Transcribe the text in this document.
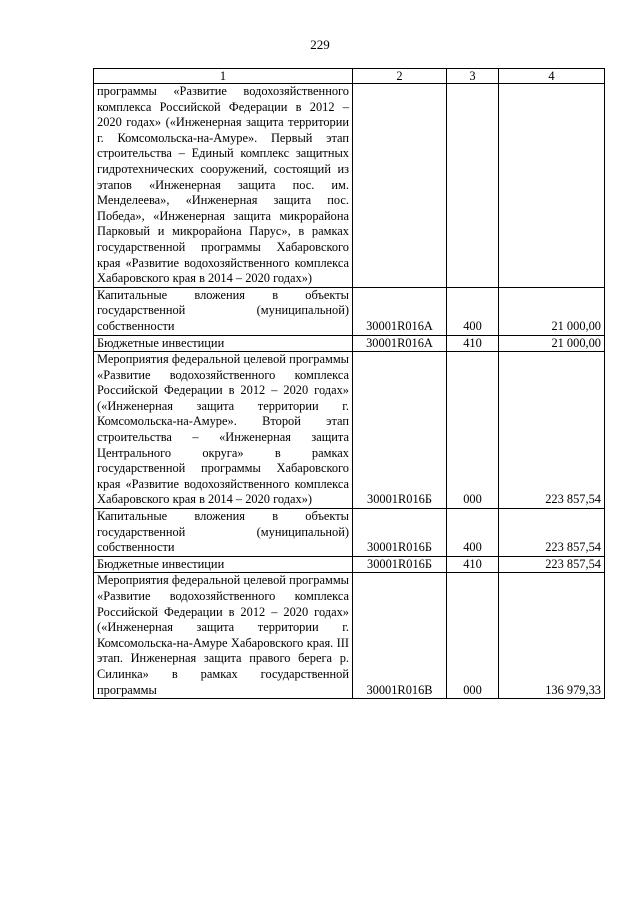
229
1	2	3	4
программы «Развитие водохозяйственного комплекса Российской Федерации в 2012 – 2020 годах» («Инженерная защита территории г. Комсомольска-на-Амуре». Первый этап строительства – Единый комплекс защитных гидротехнических сооружений, состоящий из этапов «Инженерная защита пос. им. Менделеева», «Инженерная защита пос. Победа», «Инженерная защита микрорайона Парковый и микрорайона Парус», в рамках государственной программы Хабаровского края «Развитие водохозяйственного комплекса Хабаровского края в 2014 – 2020 годах»)			
Капитальные вложения в объекты государственной (муниципальной) собственности	30001R016А	400	21 000,00
Бюджетные инвестиции	30001R016А	410	21 000,00
Мероприятия федеральной целевой программы «Развитие водохозяйственного комплекса Российской Федерации в 2012 – 2020 годах» («Инженерная защита территории г. Комсомольска-на-Амуре». Второй этап строительства – «Инженерная защита Центрального округа» в рамках государственной программы Хабаровского края «Развитие водохозяйственного комплекса Хабаровского края в 2014 – 2020 годах»)	30001R016Б	000	223 857,54
Капитальные вложения в объекты государственной (муниципальной) собственности	30001R016Б	400	223 857,54
Бюджетные инвестиции	30001R016Б	410	223 857,54
Мероприятия федеральной целевой программы «Развитие водохозяйственного комплекса Российской Федерации в 2012 – 2020 годах» («Инженерная защита территории г. Комсомольска-на-Амуре Хабаровского края. III этап. Инженерная защита правого берега р. Силинка» в рамках государственной программы	30001R016В	000	136 979,33
